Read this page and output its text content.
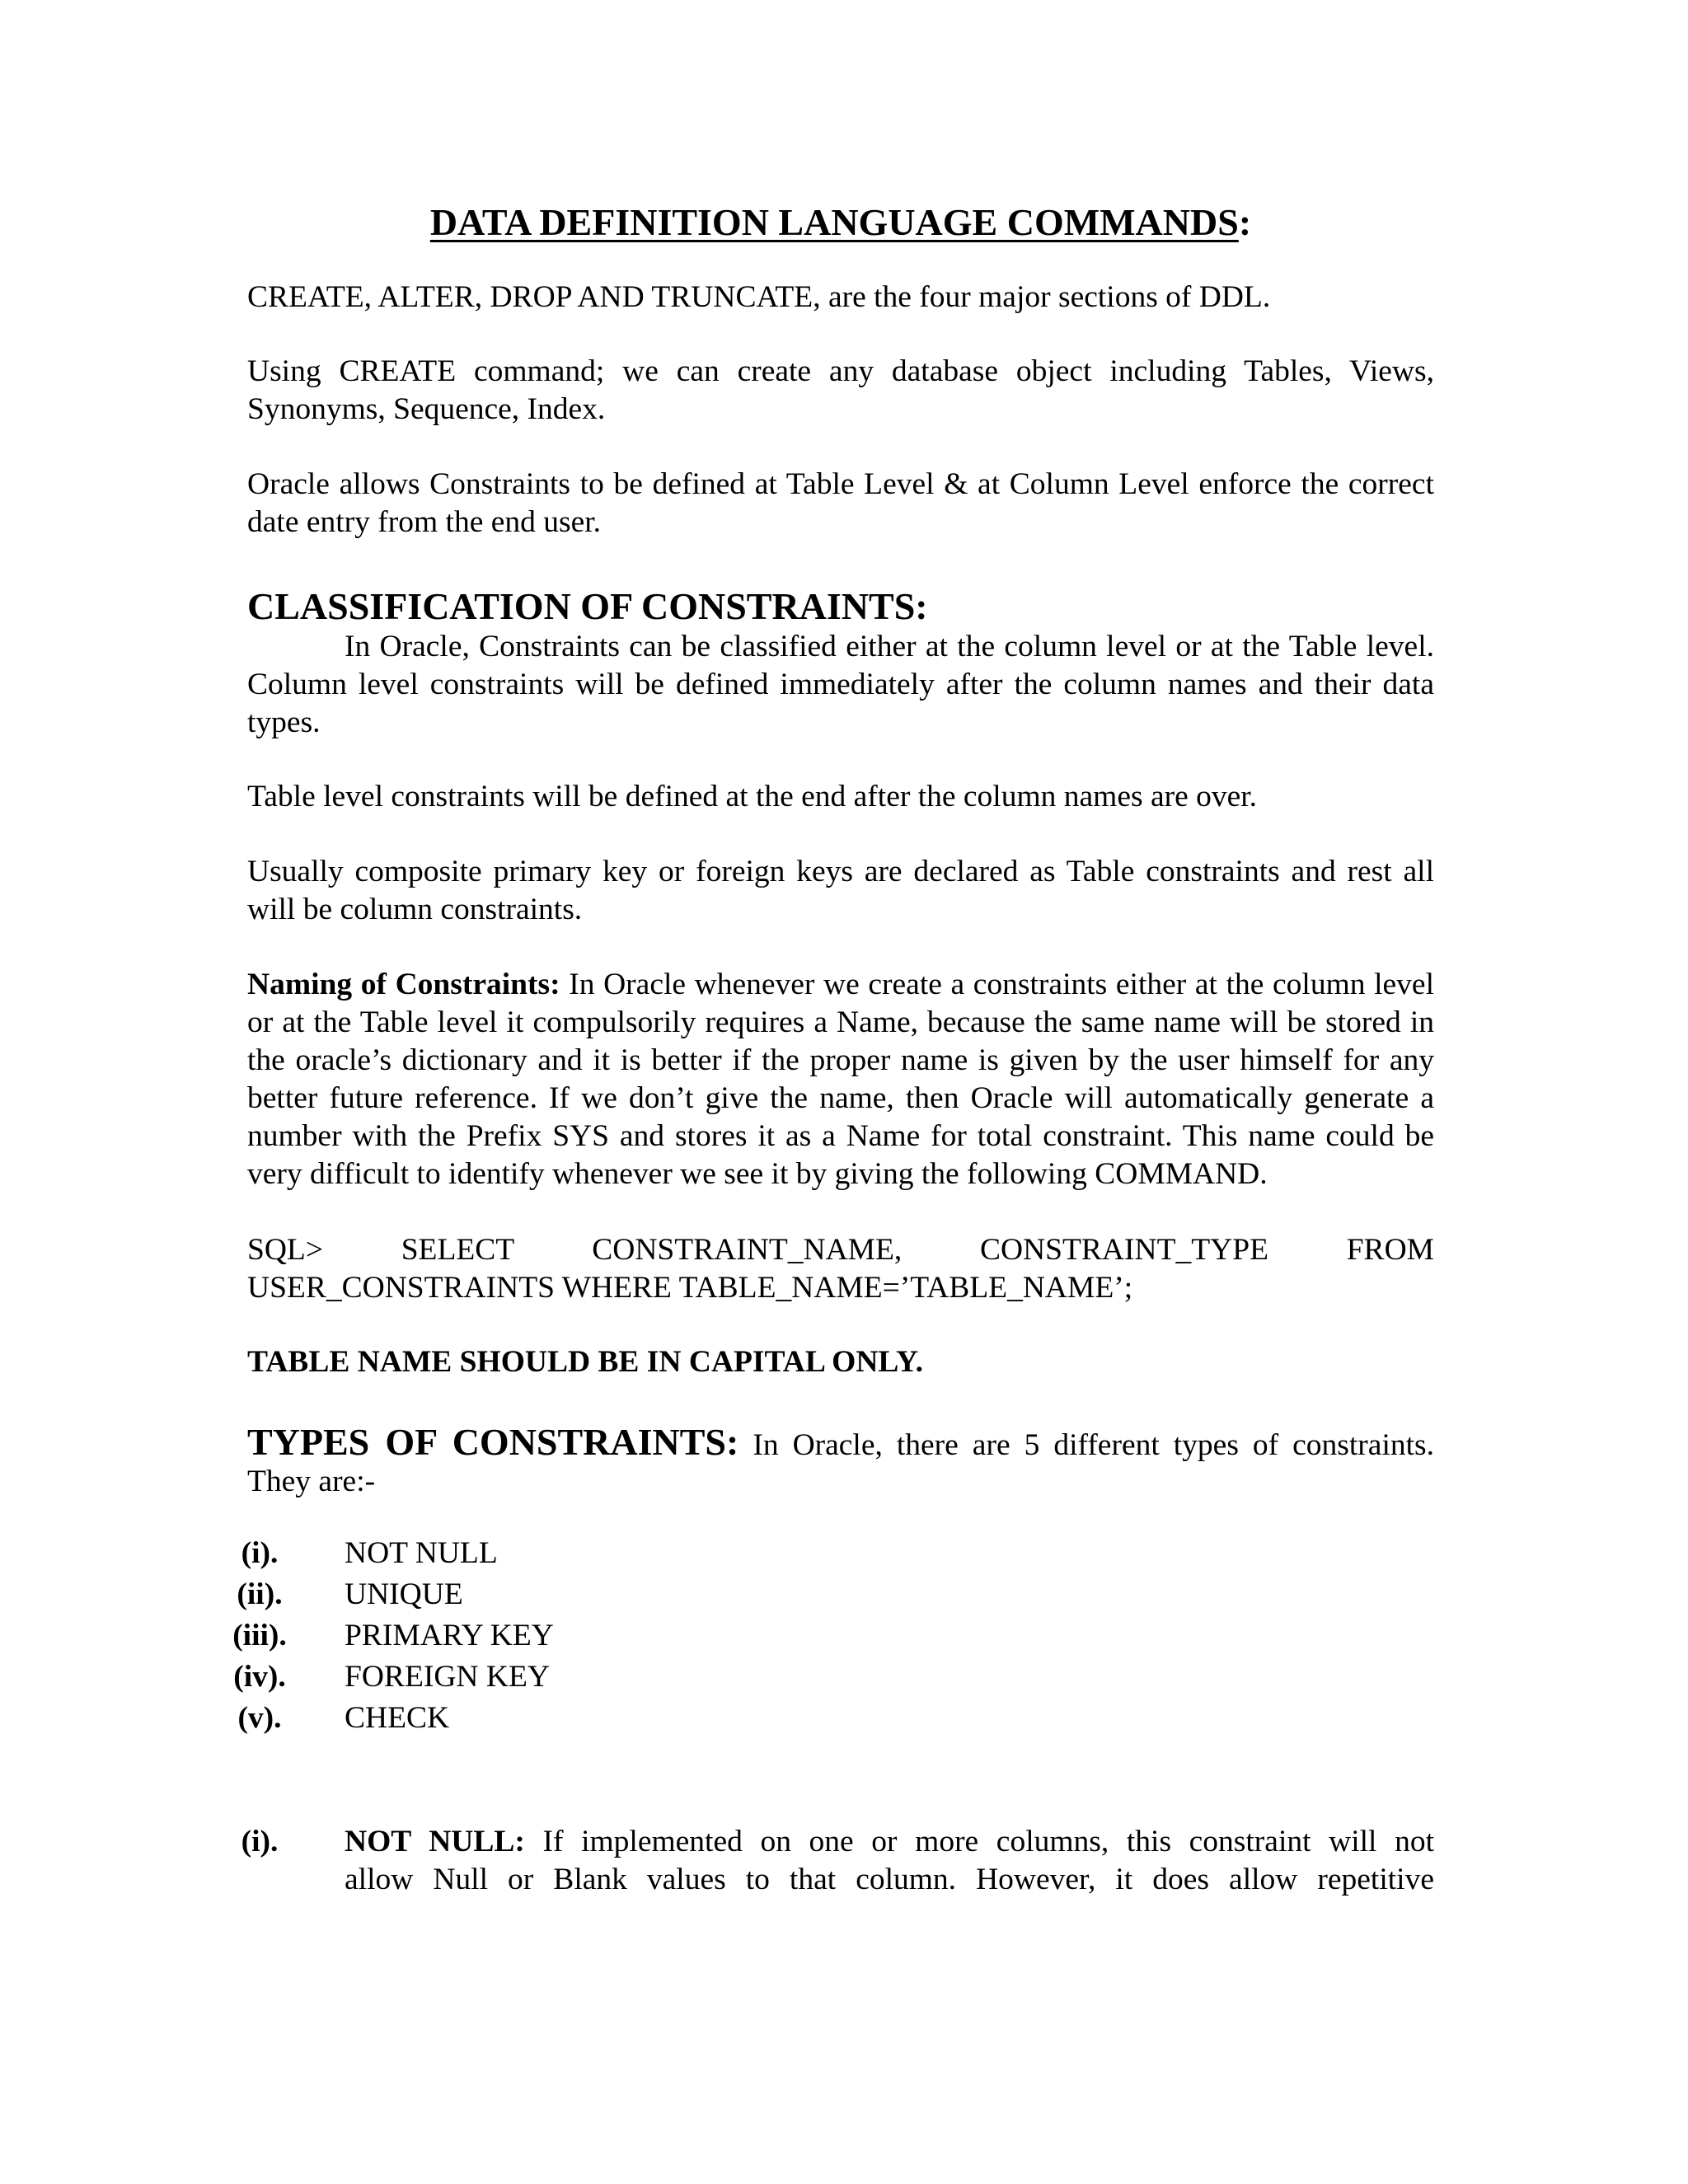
DATA DEFINITION LANGUAGE COMMANDS:

CREATE, ALTER, DROP AND TRUNCATE, are the four major sections of DDL.

Using CREATE command; we can create any database object including Tables, Views, Synonyms, Sequence, Index.

Oracle allows Constraints to be defined at Table Level & at Column Level enforce the correct date entry from the end user.

CLASSIFICATION OF CONSTRAINTS:

In Oracle, Constraints can be classified either at the column level or at the Table level. Column level constraints will be defined immediately after the column names and their data types.

Table level constraints will be defined at the end after the column names are over.

Usually composite primary key or foreign keys are declared as Table constraints and rest all will be column constraints.

Naming of Constraints: In Oracle whenever we create a constraints either at the column level or at the Table level it compulsorily requires a Name, because the same name will be stored in the oracle’s dictionary and it is better if the proper name is given by the user himself for any better future reference. If we don’t give the name, then Oracle will automatically generate a number with the Prefix SYS and stores it as a Name for total constraint. This name could be very difficult to identify whenever we see it by giving the following COMMAND.

SQL> SELECT CONSTRAINT_NAME, CONSTRAINT_TYPE FROM

USER_CONSTRAINTS WHERE TABLE_NAME=’TABLE_NAME’;

TABLE NAME SHOULD BE IN CAPITAL ONLY.

TYPES OF CONSTRAINTS: In Oracle, there are 5 different types of constraints.

They are:-

(i).	NOT NULL
(ii).	UNIQUE
(iii).	PRIMARY KEY
(iv).	FOREIGN KEY
(v).	CHECK
(i).	NOT NULL: If implemented on one or more columns, this constraint will not
allow Null or Blank values to that column. However, it does allow repetitive
